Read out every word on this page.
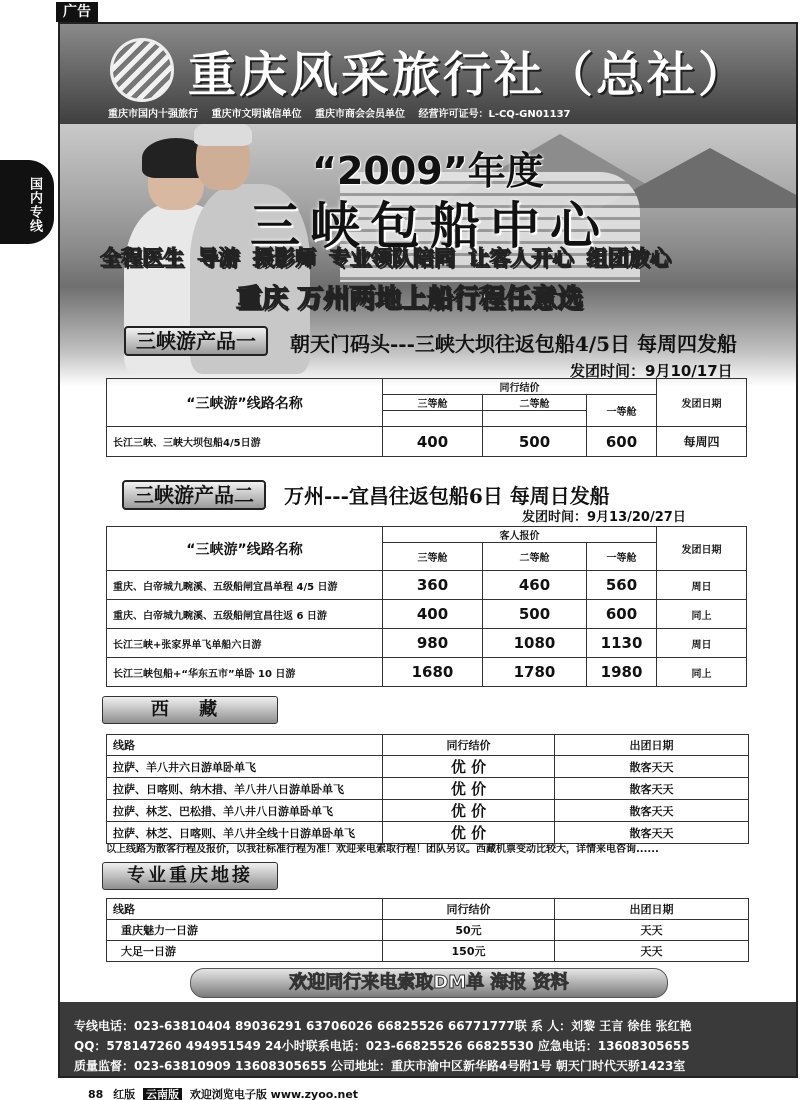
广告
国内专线
重庆风采旅行社（总社）
重庆市国内十强旅行 重庆市文明诚信单位 重庆市商会会员单位 经营许可证号：L-CQ-GN01137
“2009”年度
三峡包船中心
全程医生 导游 摄影师 专业领队陪同 让客人开心 组团放心
重庆 万州两地上船行程任意选
三峡游产品一	朝天门码头---三峡大坝往返包船4/5日 每周四发船
发团时间：9月10/17日
“三峡游”线路名称	同行结价			发团日期
	三等舱	二等舱	一等舱	

长江三峡、三峡大坝包船4/5日游	400	500	600	每周四
三峡游产品二	万州---宜昌往返包船6日 每周日发船
发团时间：9月13/20/27日
“三峡游”线路名称	客人报价			发团日期
	三等舱	二等舱	一等舱	
重庆、白帝城九畹溪、五级船闸宜昌单程 4/5 日游	360	460	560	周日
重庆、白帝城九畹溪、五级船闸宜昌往返 6 日游	400	500	600	同上
长江三峡+张家界单飞单船六日游	980	1080	1130	周日
长江三峡包船+“华东五市”单卧 10 日游	1680	1780	1980	同上
西 藏
线路	同行结价	出团日期
拉萨、羊八井六日游单卧单飞	优 价	散客天天
拉萨、日喀则、纳木措、羊八井八日游单卧单飞	优 价	散客天天
拉萨、林芝、巴松措、羊八井八日游单卧单飞	优 价	散客天天
拉萨、林芝、日喀则、羊八井全线十日游单卧单飞	优 价	散客天天
以上线路为散客行程及报价，以我社标准行程为准！欢迎来电索取行程！团队另议。西藏机票变动比较大，详情来电咨询......
专业重庆地接
线路	同行结价	出团日期
重庆魅力一日游	50元	天天
大足一日游	150元	天天
欢迎同行来电索取DM单 海报 资料
专线电话：023-63810404 89036291 63706026 66825526 66771777联 系 人：刘黎 王言 徐佳 张红艳
QQ：578147260 494951549 24小时联系电话：023-66825526 66825530 应急电话：13608305655
质量监督：023-63810909 13608305655 公司地址：重庆市渝中区新华路4号附1号 朝天门时代天骄1423室
88 红版 云南版 欢迎浏览电子版 www.zyoo.net
